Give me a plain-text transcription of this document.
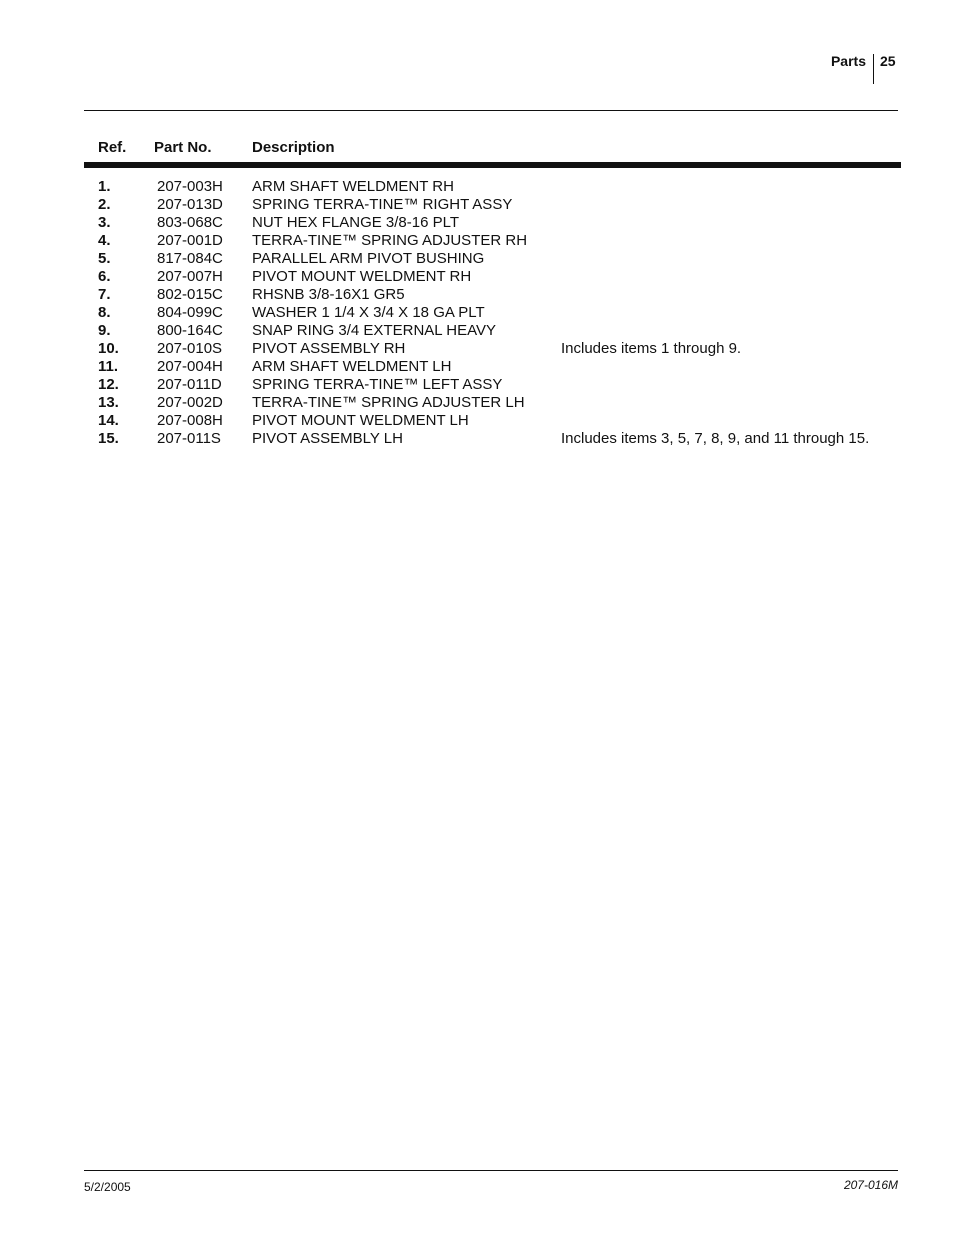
Parts 25
Ref. Part No.	Description
1.	207-003H ARM SHAFT WELDMENT RH
2.	207-013D SPRING TERRA-TINE™ RIGHT ASSY
3.	803-068C NUT HEX FLANGE 3/8-16 PLT
4.	207-001D TERRA-TINE™ SPRING ADJUSTER RH
5.	817-084C PARALLEL ARM PIVOT BUSHING
6.	207-007H PIVOT MOUNT WELDMENT RH
7.	802-015C RHSNB 3/8-16X1 GR5
8.	804-099C WASHER 1 1/4 X 3/4 X 18 GA PLT
9.	800-164C SNAP RING 3/4 EXTERNAL HEAVY
10.	207-010S PIVOT ASSEMBLY RH	Includes items 1 through 9.
11.	207-004H ARM SHAFT WELDMENT LH
12.	207-011D SPRING TERRA-TINE™ LEFT ASSY
13.	207-002D TERRA-TINE™ SPRING ADJUSTER LH
14.	207-008H PIVOT MOUNT WELDMENT LH
15.	207-011S PIVOT ASSEMBLY LH	Includes items 3, 5, 7, 8, 9, and 11 through 15.
5/2/2005	207-016M
